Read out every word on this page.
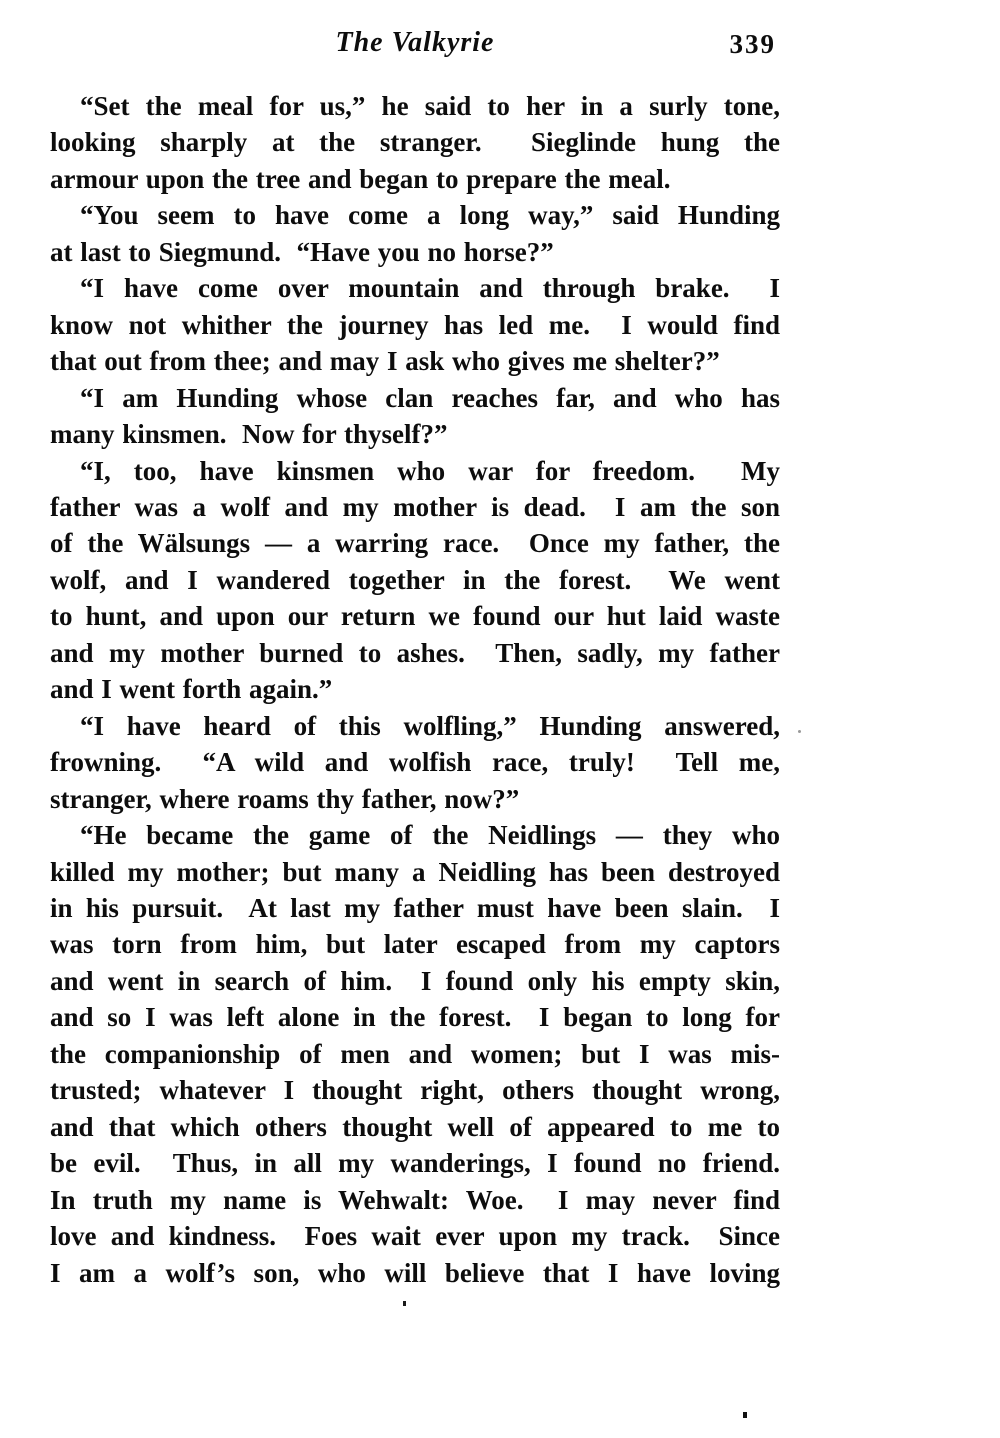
The Valkyrie	339
“Set the meal for us,” he said to her in a surly tone,
looking sharply at the stranger.  Sieglinde hung the
armour upon the tree and began to prepare the meal.
“You seem to have come a long way,” said Hunding
at last to Siegmund.  “Have you no horse?”
“I have come over mountain and through brake.  I
know not whither the journey has led me.  I would find
that out from thee; and may I ask who gives me shelter?”
“I am Hunding whose clan reaches far, and who has
many kinsmen.  Now for thyself?”
“I, too, have kinsmen who war for freedom.  My
father was a wolf and my mother is dead.  I am the son
of the Wälsungs — a warring race.  Once my father, the
wolf, and I wandered together in the forest.  We went
to hunt, and upon our return we found our hut laid waste
and my mother burned to ashes.  Then, sadly, my father
and I went forth again.”
“I have heard of this wolfling,” Hunding answered,
frowning.  “A wild and wolfish race, truly!  Tell me,
stranger, where roams thy father, now?”
“He became the game of the Neidlings — they who
killed my mother; but many a Neidling has been destroyed
in his pursuit.  At last my father must have been slain.  I
was torn from him, but later escaped from my captors
and went in search of him.  I found only his empty skin,
and so I was left alone in the forest.  I began to long for
the companionship of men and women; but I was mis-
trusted; whatever I thought right, others thought wrong,
and that which others thought well of appeared to me to
be evil.  Thus, in all my wanderings, I found no friend.
In truth my name is Wehwalt: Woe.  I may never find
love and kindness.  Foes wait ever upon my track.  Since
I am a wolf’s son, who will believe that I have loving
